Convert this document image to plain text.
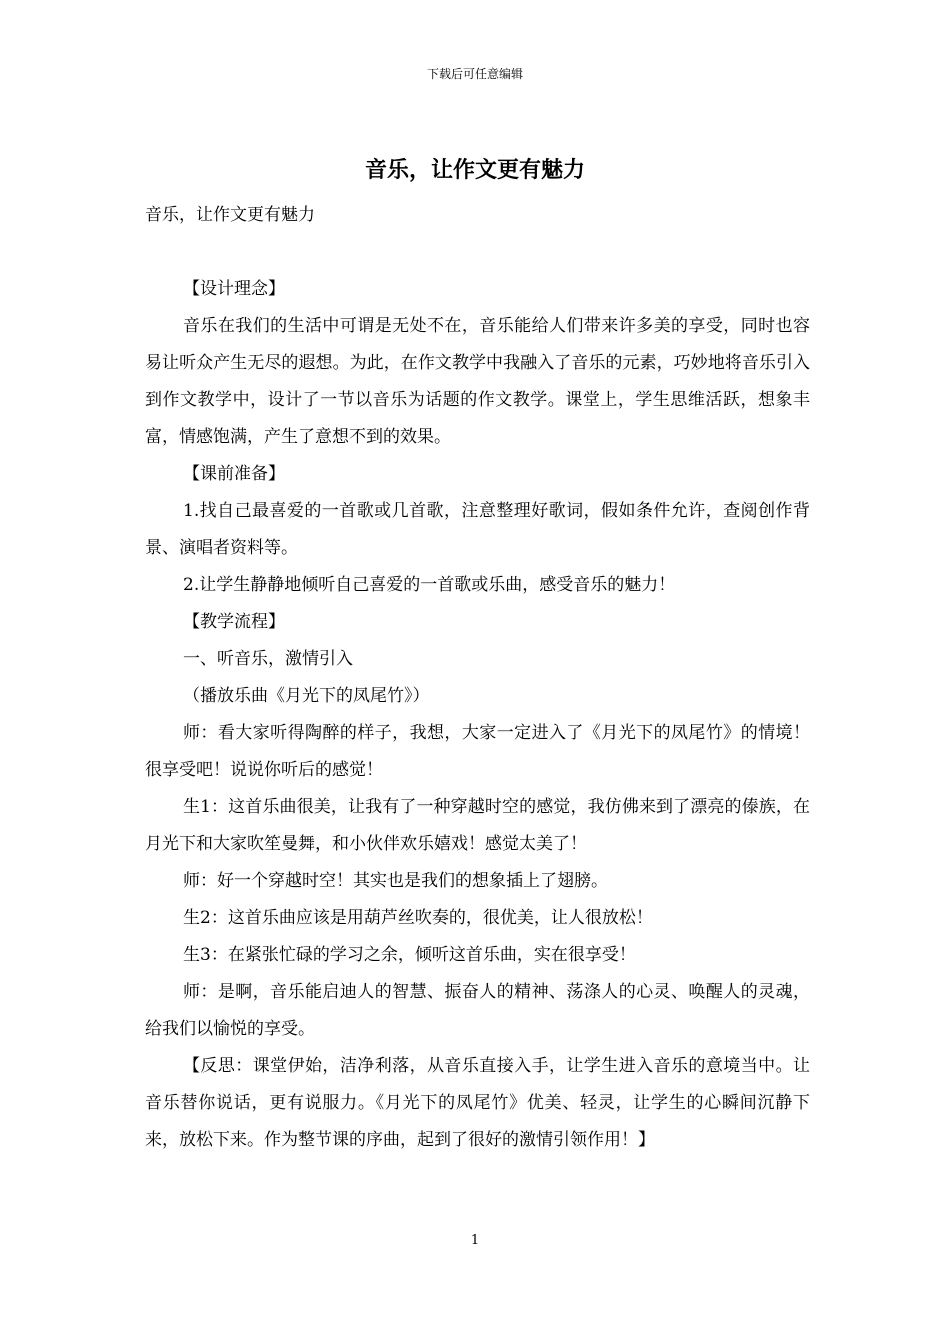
下载后可任意编辑
音乐，让作文更有魅力

音乐，让作文更有魅力

【设计理念】

音乐在我们的生活中可谓是无处不在，音乐能给人们带来许多美的享受，同时也容易让听众产生无尽的遐想。为此，在作文教学中我融入了音乐的元素，巧妙地将音乐引入到作文教学中，设计了一节以音乐为话题的作文教学。课堂上，学生思维活跃，想象丰富，情感饱满，产生了意想不到的效果。

【课前准备】

1.找自己最喜爱的一首歌或几首歌，注意整理好歌词，假如条件允许，查阅创作背景、演唱者资料等。

2.让学生静静地倾听自己喜爱的一首歌或乐曲，感受音乐的魅力！

【教学流程】

一、听音乐，激情引入

（播放乐曲《月光下的凤尾竹》）

师：看大家听得陶醉的样子，我想，大家一定进入了《月光下的凤尾竹》的情境！很享受吧！说说你听后的感觉！

生1：这首乐曲很美，让我有了一种穿越时空的感觉，我仿佛来到了漂亮的傣族，在月光下和大家吹笙曼舞，和小伙伴欢乐嬉戏！感觉太美了！

师：好一个穿越时空！其实也是我们的想象插上了翅膀。

生2：这首乐曲应该是用葫芦丝吹奏的，很优美，让人很放松！

生3：在紧张忙碌的学习之余，倾听这首乐曲，实在很享受！

师：是啊，音乐能启迪人的智慧、振奋人的精神、荡涤人的心灵、唤醒人的灵魂，给我们以愉悦的享受。

【反思：课堂伊始，洁净利落，从音乐直接入手，让学生进入音乐的意境当中。让音乐替你说话，更有说服力。《月光下的凤尾竹》优美、轻灵，让学生的心瞬间沉静下来，放松下来。作为整节课的序曲，起到了很好的激情引领作用！】

1
